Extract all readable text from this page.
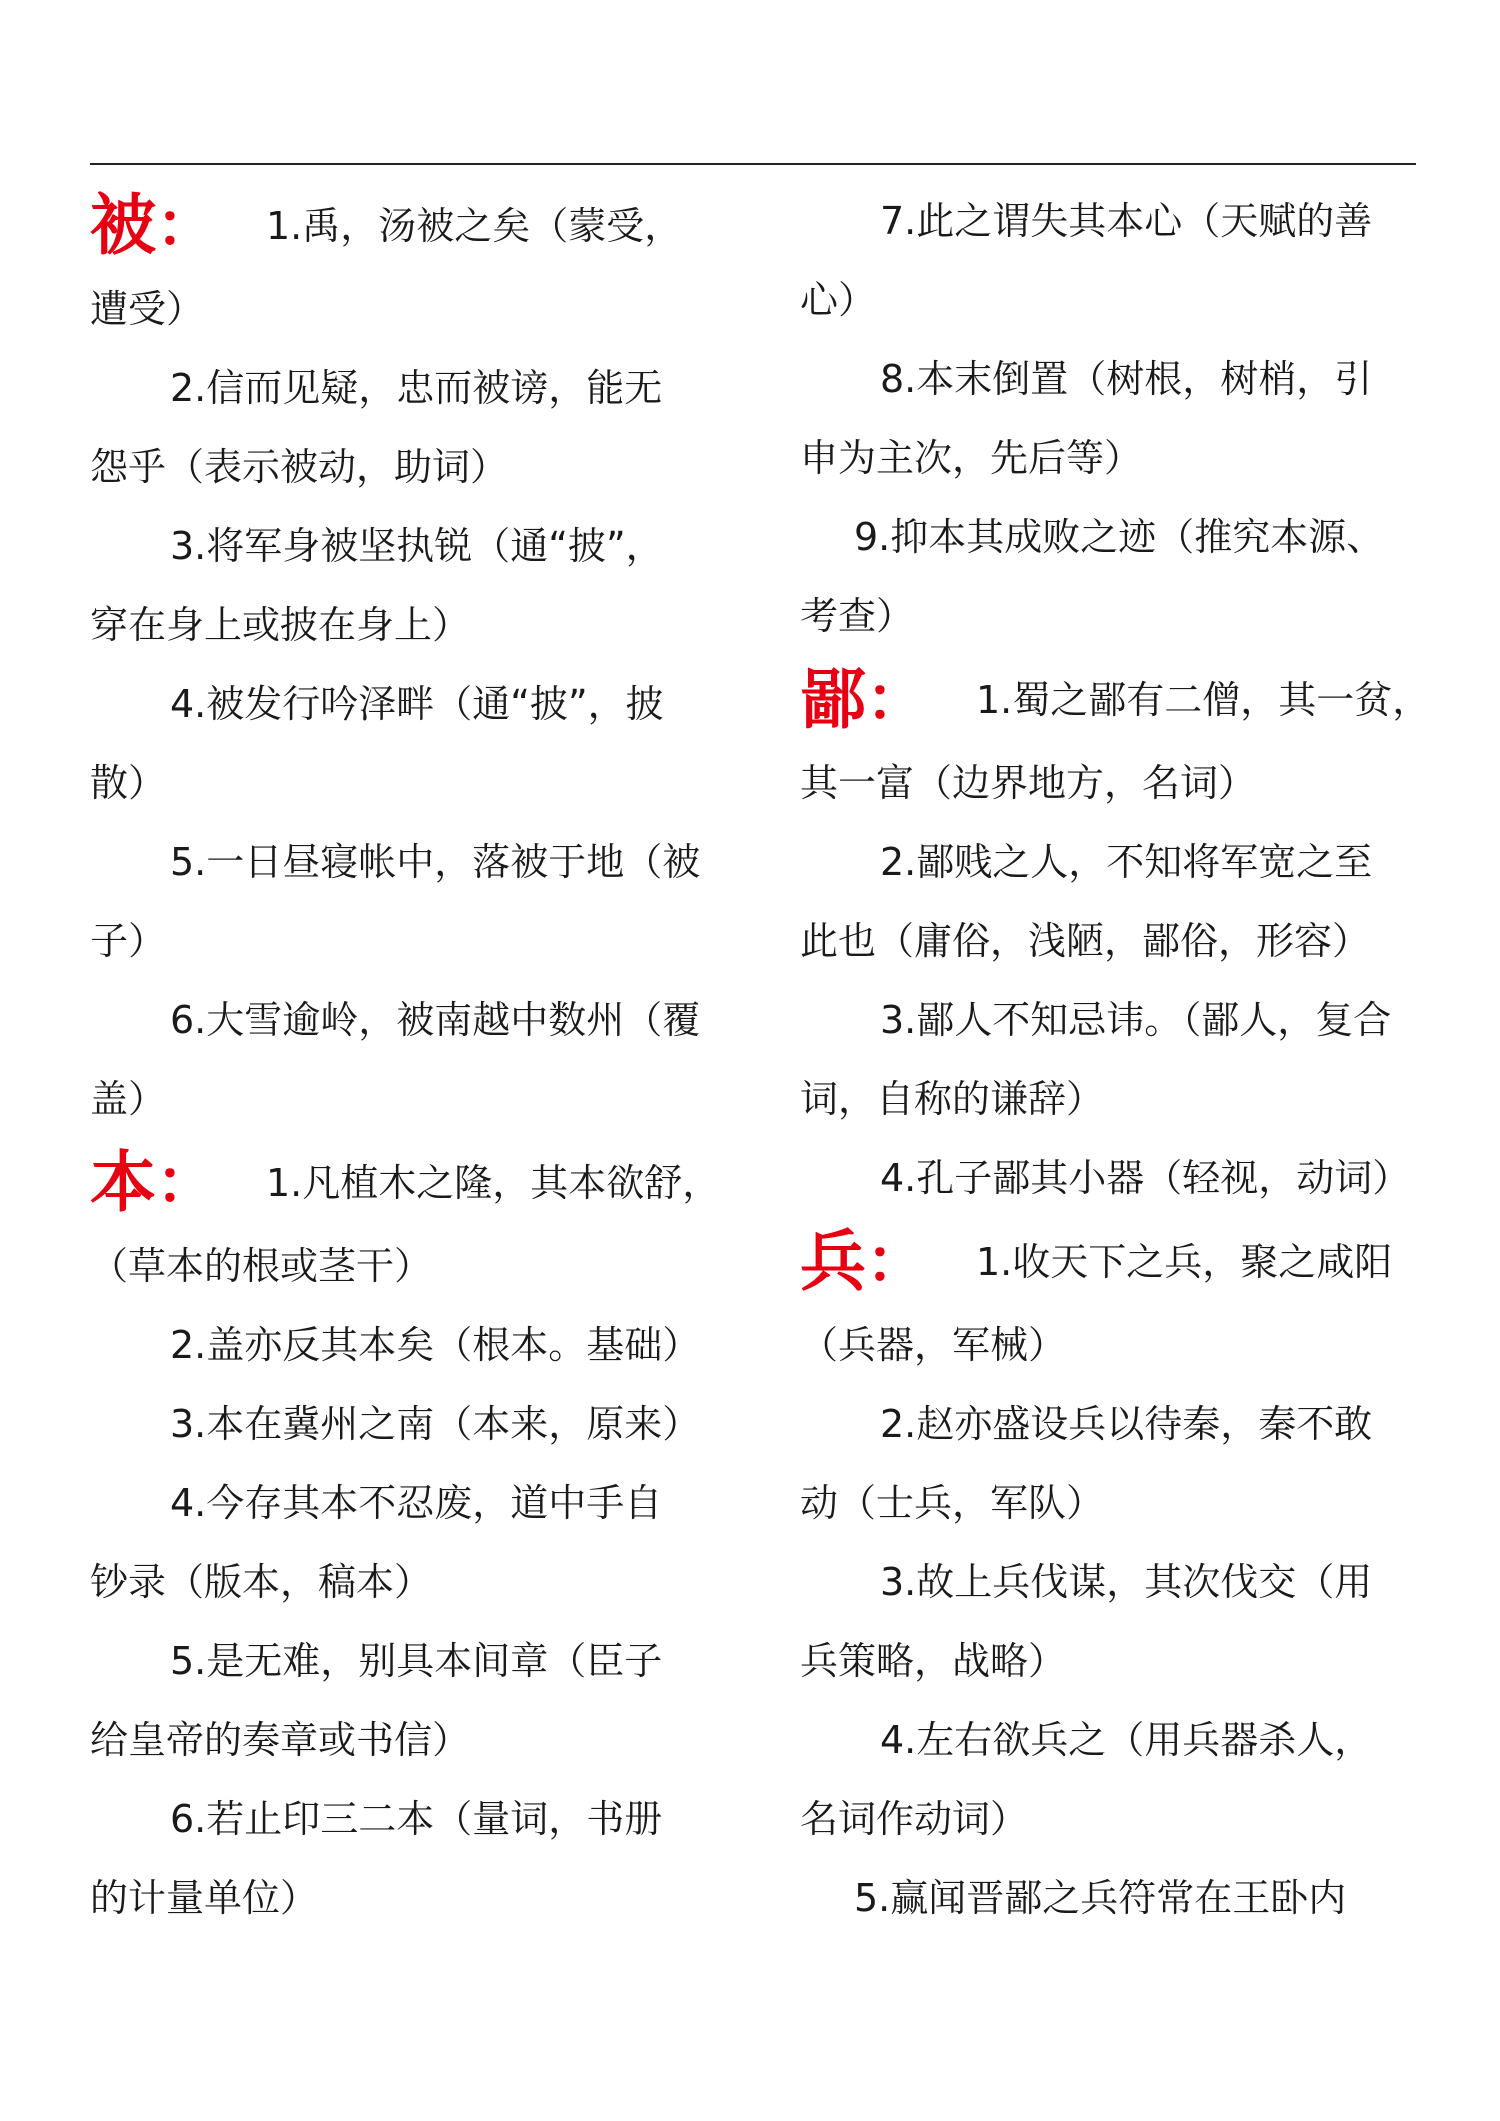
被： 1.禹，汤被之矣（蒙受，
遭受）
2.信而见疑，忠而被谤，能无
怨乎（表示被动，助词）
3.将军身被坚执锐（通“披”，
穿在身上或披在身上）
4.被发行吟泽畔（通“披”，披
散）
5.一日昼寝帐中，落被于地（被
子）
6.大雪逾岭，被南越中数州（覆
盖）
本： 1.凡植木之隆，其本欲舒，
（草本的根或茎干）
2.盖亦反其本矣（根本。基础）
3.本在冀州之南（本来，原来）
4.今存其本不忍废，道中手自
钞录（版本，稿本）
5.是无难，别具本间章（臣子
给皇帝的奏章或书信）
6.若止印三二本（量词，书册
的计量单位）
7.此之谓失其本心（天赋的善
心）
8.本末倒置（树根，树梢，引
申为主次，先后等）
9.抑本其成败之迹（推究本源、
考查）
鄙： 1.蜀之鄙有二僧，其一贫，
其一富（边界地方，名词）
2.鄙贱之人，不知将军宽之至
此也（庸俗，浅陋，鄙俗，形容）
3.鄙人不知忌讳。（鄙人，复合
词，自称的谦辞）
4.孔子鄙其小器（轻视，动词）
兵： 1.收天下之兵，聚之咸阳
（兵器，军械）
2.赵亦盛设兵以待秦，秦不敢
动（士兵，军队）
3.故上兵伐谋，其次伐交（用
兵策略，战略）
4.左右欲兵之（用兵器杀人，
名词作动词）
5.赢闻晋鄙之兵符常在王卧内
